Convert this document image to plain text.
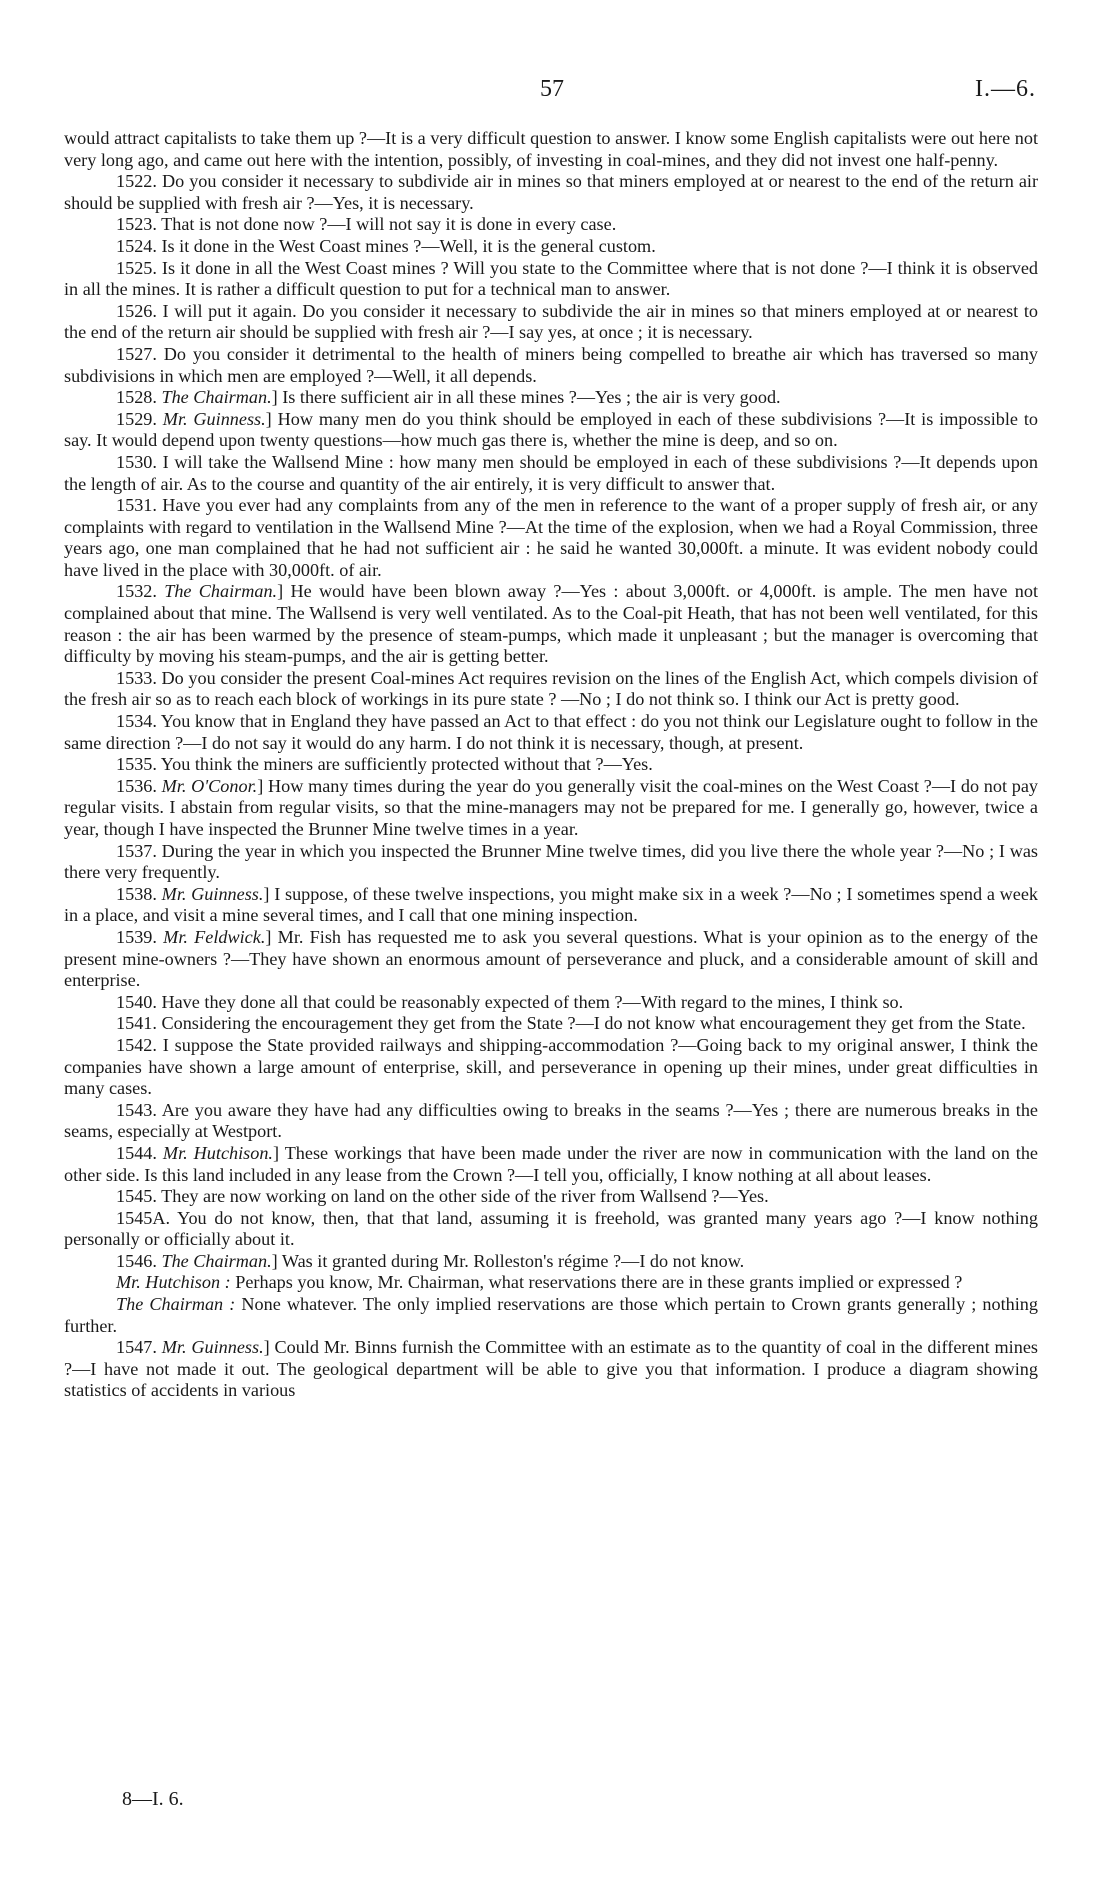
57	I.—6.

would attract capitalists to take them up ?—It is a very difficult question to answer. I know some English capitalists were out here not very long ago, and came out here with the intention, possibly, of investing in coal-mines, and they did not invest one half-penny.

1522. Do you consider it necessary to subdivide air in mines so that miners employed at or nearest to the end of the return air should be supplied with fresh air ?—Yes, it is necessary.

1523. That is not done now ?—I will not say it is done in every case.

1524. Is it done in the West Coast mines ?—Well, it is the general custom.

1525. Is it done in all the West Coast mines ? Will you state to the Committee where that is not done ?—I think it is observed in all the mines. It is rather a difficult question to put for a technical man to answer.

1526. I will put it again. Do you consider it necessary to subdivide the air in mines so that miners employed at or nearest to the end of the return air should be supplied with fresh air ?—I say yes, at once ; it is necessary.

1527. Do you consider it detrimental to the health of miners being compelled to breathe air which has traversed so many subdivisions in which men are employed ?—Well, it all depends.

1528. The Chairman.] Is there sufficient air in all these mines ?—Yes ; the air is very good.

1529. Mr. Guinness.] How many men do you think should be employed in each of these subdivisions ?—It is impossible to say. It would depend upon twenty questions—how much gas there is, whether the mine is deep, and so on.

1530. I will take the Wallsend Mine : how many men should be employed in each of these subdivisions ?—It depends upon the length of air. As to the course and quantity of the air entirely, it is very difficult to answer that.

1531. Have you ever had any complaints from any of the men in reference to the want of a proper supply of fresh air, or any complaints with regard to ventilation in the Wallsend Mine ?—At the time of the explosion, when we had a Royal Commission, three years ago, one man complained that he had not sufficient air : he said he wanted 30,000ft. a minute. It was evident nobody could have lived in the place with 30,000ft. of air.

1532. The Chairman.] He would have been blown away ?—Yes : about 3,000ft. or 4,000ft. is ample. The men have not complained about that mine. The Wallsend is very well ventilated. As to the Coal-pit Heath, that has not been well ventilated, for this reason : the air has been warmed by the presence of steam-pumps, which made it unpleasant ; but the manager is overcoming that difficulty by moving his steam-pumps, and the air is getting better.

1533. Do you consider the present Coal-mines Act requires revision on the lines of the English Act, which compels division of the fresh air so as to reach each block of workings in its pure state ? —No ; I do not think so. I think our Act is pretty good.

1534. You know that in England they have passed an Act to that effect : do you not think our Legislature ought to follow in the same direction ?—I do not say it would do any harm. I do not think it is necessary, though, at present.

1535. You think the miners are sufficiently protected without that ?—Yes.

1536. Mr. O'Conor.] How many times during the year do you generally visit the coal-mines on the West Coast ?—I do not pay regular visits. I abstain from regular visits, so that the mine-managers may not be prepared for me. I generally go, however, twice a year, though I have inspected the Brunner Mine twelve times in a year.

1537. During the year in which you inspected the Brunner Mine twelve times, did you live there the whole year ?—No ; I was there very frequently.

1538. Mr. Guinness.] I suppose, of these twelve inspections, you might make six in a week ?—No ; I sometimes spend a week in a place, and visit a mine several times, and I call that one mining inspection.

1539. Mr. Feldwick.] Mr. Fish has requested me to ask you several questions. What is your opinion as to the energy of the present mine-owners ?—They have shown an enormous amount of perseverance and pluck, and a considerable amount of skill and enterprise.

1540. Have they done all that could be reasonably expected of them ?—With regard to the mines, I think so.

1541. Considering the encouragement they get from the State ?—I do not know what encouragement they get from the State.

1542. I suppose the State provided railways and shipping-accommodation ?—Going back to my original answer, I think the companies have shown a large amount of enterprise, skill, and perseverance in opening up their mines, under great difficulties in many cases.

1543. Are you aware they have had any difficulties owing to breaks in the seams ?—Yes ; there are numerous breaks in the seams, especially at Westport.

1544. Mr. Hutchison.] These workings that have been made under the river are now in communication with the land on the other side. Is this land included in any lease from the Crown ?—I tell you, officially, I know nothing at all about leases.

1545. They are now working on land on the other side of the river from Wallsend ?—Yes.

1545A. You do not know, then, that that land, assuming it is freehold, was granted many years ago ?—I know nothing personally or officially about it.

1546. The Chairman.] Was it granted during Mr. Rolleston's régime ?—I do not know.

Mr. Hutchison : Perhaps you know, Mr. Chairman, what reservations there are in these grants implied or expressed ?

The Chairman : None whatever. The only implied reservations are those which pertain to Crown grants generally ; nothing further.

1547. Mr. Guinness.] Could Mr. Binns furnish the Committee with an estimate as to the quantity of coal in the different mines ?—I have not made it out. The geological department will be able to give you that information. I produce a diagram showing statistics of accidents in various

8—I. 6.
